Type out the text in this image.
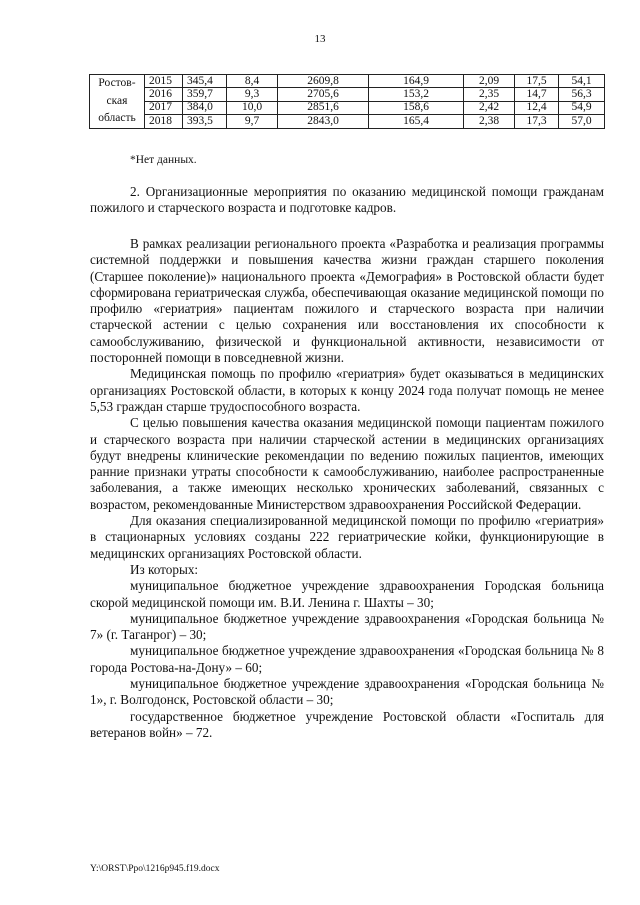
13
Ростов-
ская
область	2015	345,4	8,4	2609,8	164,9	2,09	17,5	54,1
	2016	359,7	9,3	2705,6	153,2	2,35	14,7	56,3
	2017	384,0	10,0	2851,6	158,6	2,42	12,4	54,9
	2018	393,5	9,7	2843,0	165,4	2,38	17,3	57,0
*Нет данных.

2. Организационные мероприятия по оказанию медицинской помощи гражданам пожилого и старческого возраста и подготовке кадров.

В рамках реализации регионального проекта «Разработка и реализация программы системной поддержки и повышения качества жизни граждан старшего поколения (Старшее поколение)» национального проекта «Демография» в Ростовской области будет сформирована гериатрическая служба, обеспечивающая оказание медицинской помощи по профилю «гериатрия» пациентам пожилого и старческого возраста при наличии старческой астении с целью сохранения или восстановления их способности к самообслуживанию, физической и функциональной активности, независимости от посторонней помощи в повседневной жизни.

Медицинская помощь по профилю «гериатрия» будет оказываться в медицинских организациях Ростовской области, в которых к концу 2024 года получат помощь не менее 5,53 граждан старше трудоспособного возраста.

С целью повышения качества оказания медицинской помощи пациентам пожилого и старческого возраста при наличии старческой астении в медицинских организациях будут внедрены клинические рекомендации по ведению пожилых пациентов, имеющих ранние признаки утраты способности к самообслуживанию, наиболее распространенные заболевания, а также имеющих несколько хронических заболеваний, связанных с возрастом, рекомендованные Министерством здравоохранения Российской Федерации.

Для оказания специализированной медицинской помощи по профилю «гериатрия» в стационарных условиях созданы 222 гериатрические койки, функционирующие в медицинских организациях Ростовской области.

Из которых:

муниципальное бюджетное учреждение здравоохранения Городская больница скорой медицинской помощи им. В.И. Ленина г. Шахты – 30;

муниципальное бюджетное учреждение здравоохранения «Городская больница № 7» (г. Таганрог) – 30;

муниципальное бюджетное учреждение здравоохранения «Городская больница № 8 города Ростова-на-Дону» – 60;

муниципальное бюджетное учреждение здравоохранения «Городская больница № 1», г. Волгодонск, Ростовской области – 30;

государственное бюджетное учреждение Ростовской области «Госпиталь для ветеранов войн» – 72.

Y:\ORST\Ppo\1216p945.f19.docx
